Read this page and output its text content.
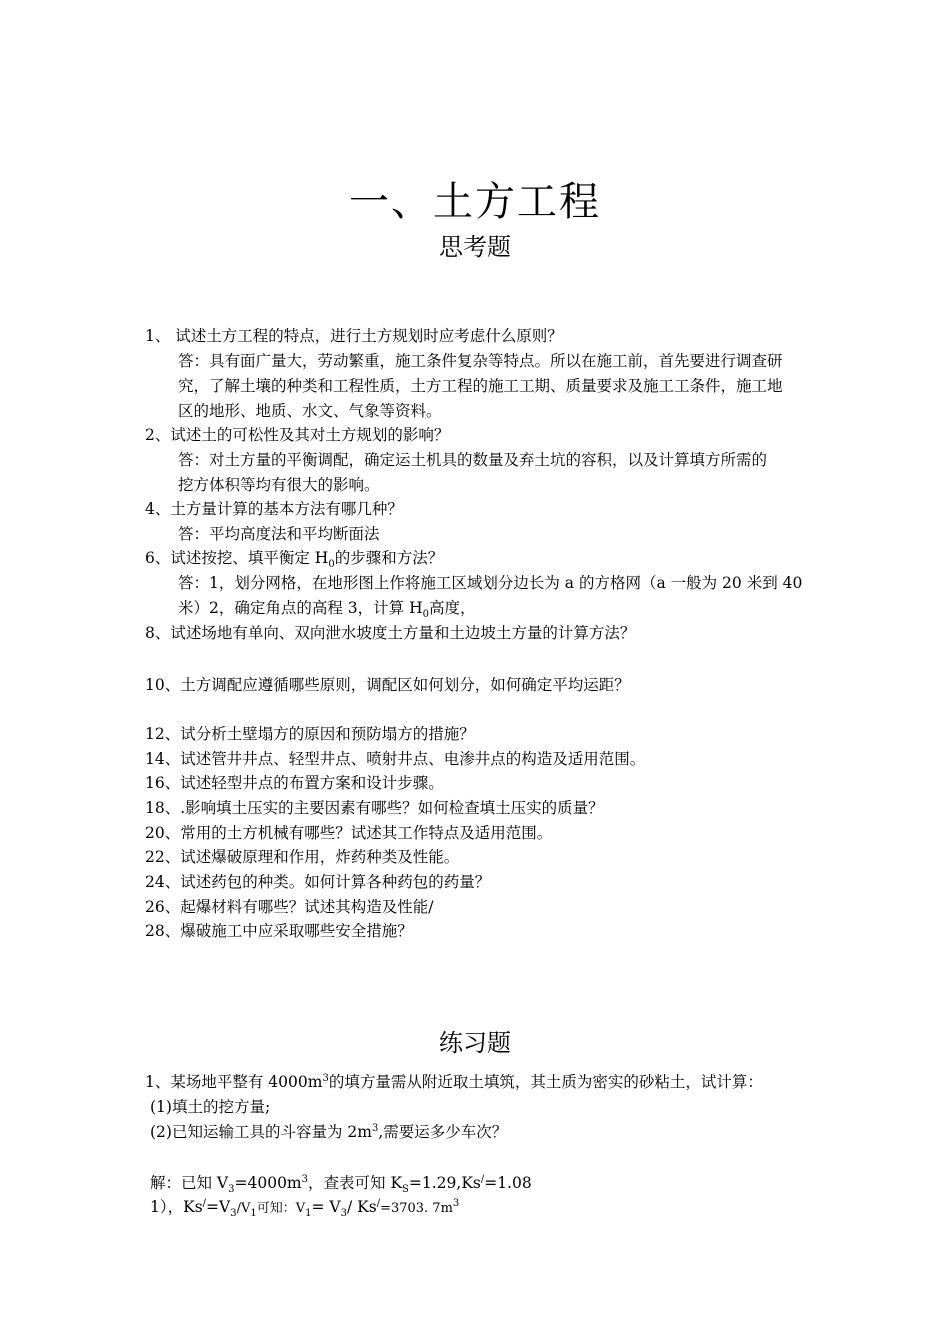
一、土方工程
思考题
1、 试述土方工程的特点，进行土方规划时应考虑什么原则？
答：具有面广量大，劳动繁重，施工条件复杂等特点。所以在施工前，首先要进行调查研
究，了解土壤的种类和工程性质，土方工程的施工工期、质量要求及施工工条件，施工地
区的地形、地质、水文、气象等资料。
2、试述土的可松性及其对土方规划的影响？
答：对土方量的平衡调配，确定运土机具的数量及弃土坑的容积，以及计算填方所需的
挖方体积等均有很大的影响。
4、土方量计算的基本方法有哪几种？
答：平均高度法和平均断面法
6、试述按挖、填平衡定 $H_0$的步骤和方法？
答：1，划分网格，在地形图上作将施工区域划分边长为 a 的方格网（a 一般为 20 米到 40
米）2，确定角点的高程 3，计算 $H_0$高度，
8、试述场地有单向、双向泄水坡度土方量和土边坡土方量的计算方法？
10、土方调配应遵循哪些原则，调配区如何划分，如何确定平均运距？
12、试分析土壁塌方的原因和预防塌方的措施？
14、试述管井井点、轻型井点、喷射井点、电渗井点的构造及适用范围。
16、试述轻型井点的布置方案和设计步骤。
18、.影响填土压实的主要因素有哪些？如何检查填土压实的质量？
20、常用的土方机械有哪些？试述其工作特点及适用范围。
22、试述爆破原理和作用，炸药种类及性能。
24、试述药包的种类。如何计算各种药包的药量？
26、起爆材料有哪些？试述其构造及性能/
28、爆破施工中应采取哪些安全措施？
练习题
1、某场地平整有 $4000m^3$的填方量需从附近取土填筑，其土质为密实的砂粘土，试计算：
(1)填土的挖方量;
(2)已知运输工具的斗容量为 $2m^3$,需要运多少车次？
解：已知 $V_3=4000m^3$，查表可知 $K_S=1.29,Ks^/=1.08$
1），$Ks^/=V_3/V_1$可知：$V_1= V_3/$ Ks/=3703. $7m^3$
